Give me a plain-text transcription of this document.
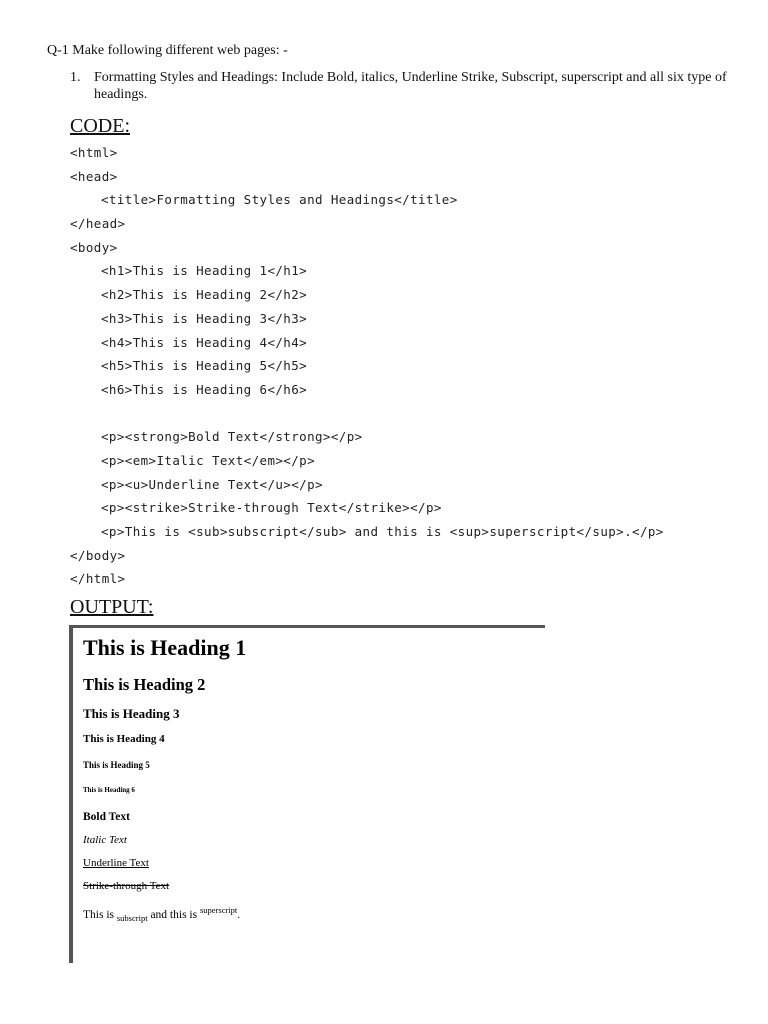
Q-1 Make following different web pages: -
1. Formatting Styles and Headings: Include Bold, italics, Underline Strike, Subscript, superscript and all six type of headings.
CODE:
<html>
<head>
<title>Formatting Styles and Headings</title>
</head>
<body>
<h1>This is Heading 1</h1>
<h2>This is Heading 2</h2>
<h3>This is Heading 3</h3>
<h4>This is Heading 4</h4>
<h5>This is Heading 5</h5>
<h6>This is Heading 6</h6>
<p><strong>Bold Text</strong></p>
<p><em>Italic Text</em></p>
<p><u>Underline Text</u></p>
<p><strike>Strike-through Text</strike></p>
<p>This is <sub>subscript</sub> and this is <sup>superscript</sup>.</p>
</body>
</html>
OUTPUT:
This is Heading 1
This is Heading 2
This is Heading 3
This is Heading 4
This is Heading 5
This is Heading 6
Bold Text
Italic Text
Underline Text
Strike-through Text
This is $_{subscript}$ and this is $^{superscript}$.
